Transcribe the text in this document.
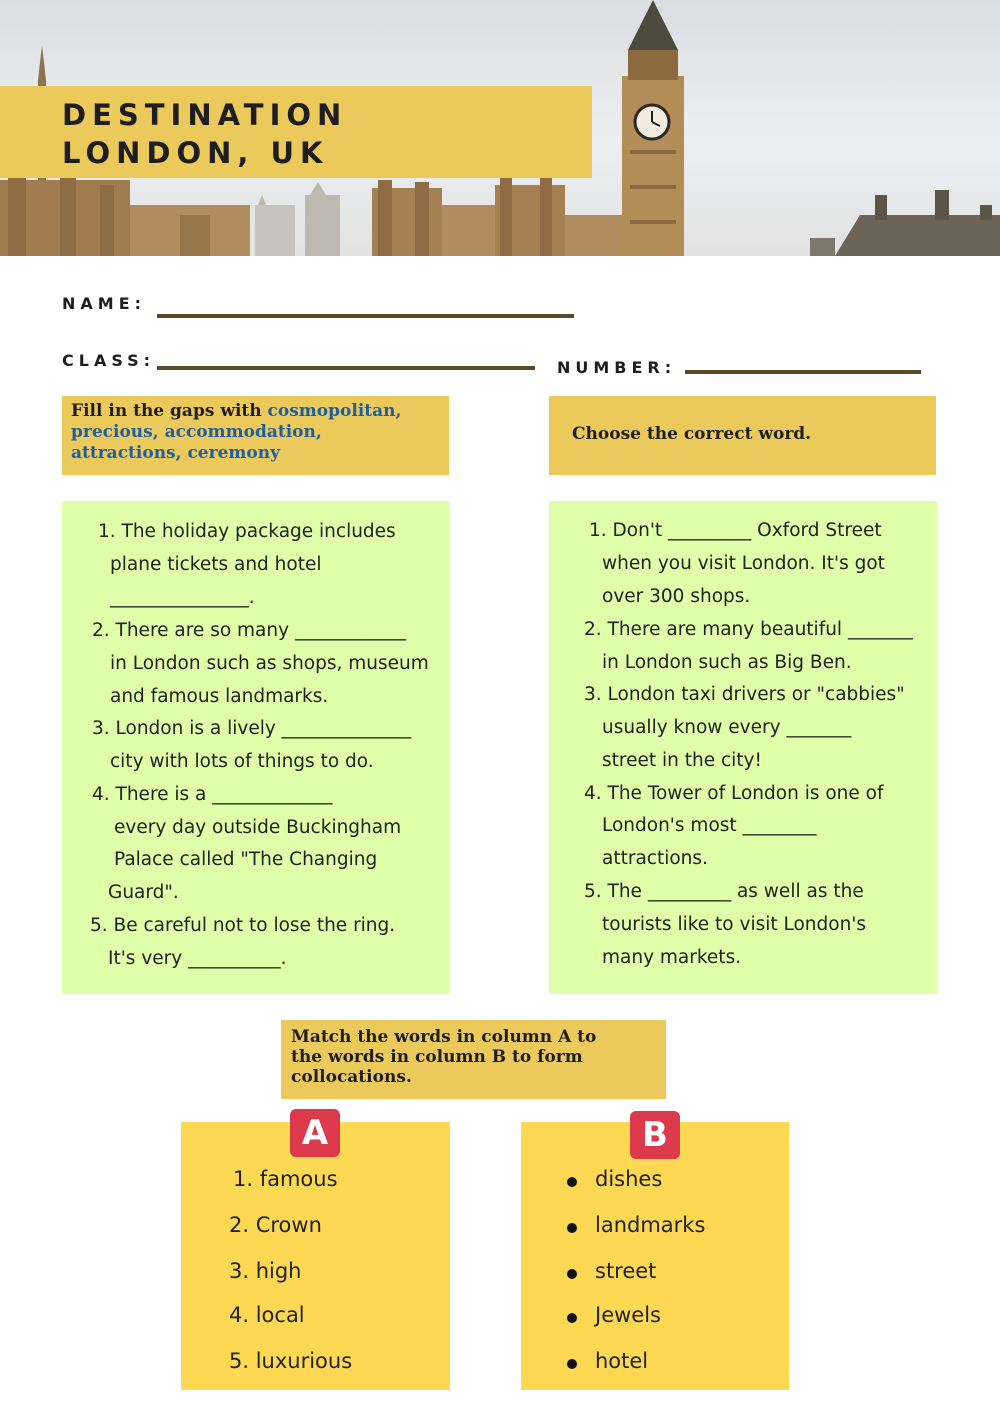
DESTINATION
LONDON, UK
NAME:
CLASS:	NUMBER:
Fill in the gaps with cosmopolitan,
precious, accommodation,
attractions, ceremony
Choose the correct word.
1. The holiday package includes
plane tickets and hotel
_______________.
2. There are so many ____________
in London such as shops, museum
and famous landmarks.
3. London is a lively ______________
city with lots of things to do.
4. There is a _____________
every day outside Buckingham
Palace called "The Changing
Guard".
5. Be careful not to lose the ring.
It's very __________.
1. Don't _________ Oxford Street
when you visit London. It's got
over 300 shops.
2. There are many beautiful _______
in London such as Big Ben.
3. London taxi drivers or "cabbies"
usually know every _______
street in the city!
4. The Tower of London is one of
London's most ________
attractions.
5. The _________ as well as the
tourists like to visit London's
many markets.
Match the words in column A to
the words in column B to form
collocations.
1. famous
2. Crown
3. high
4. local
5. luxurious
A
dishes
landmarks
street
Jewels
hotel
B
